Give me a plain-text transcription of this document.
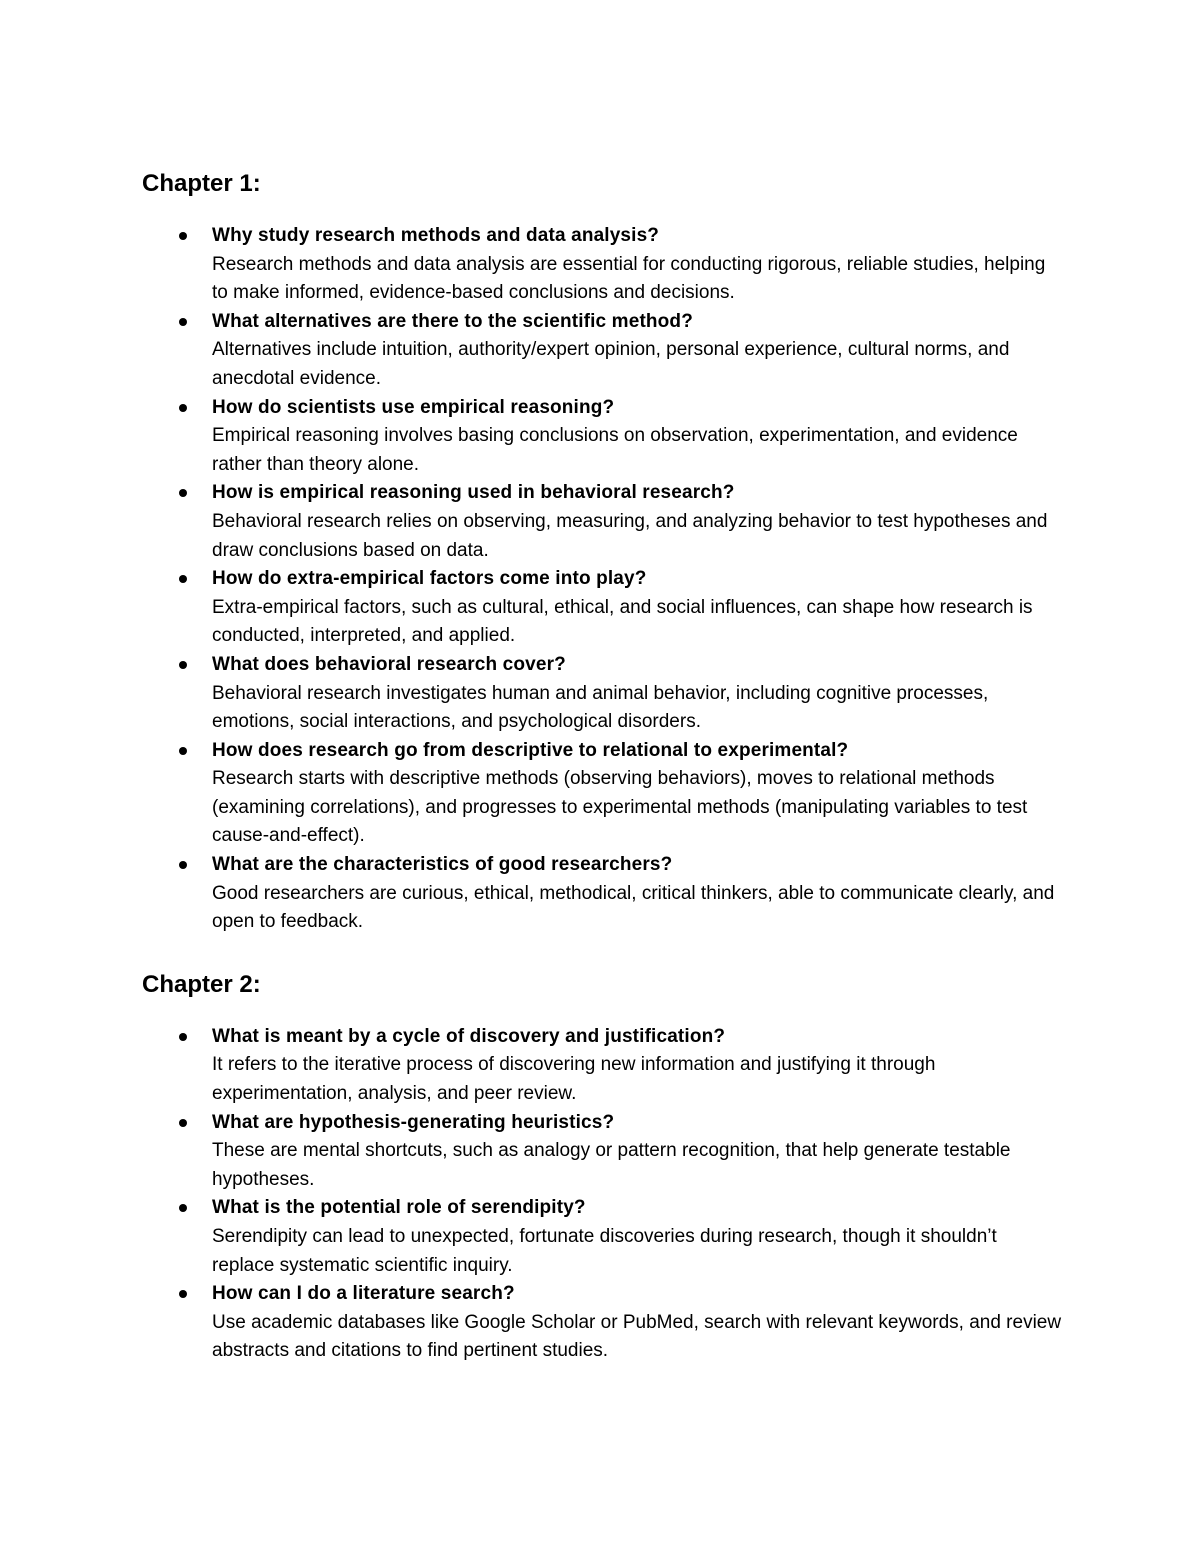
Chapter 1:
Why study research methods and data analysis?
Research methods and data analysis are essential for conducting rigorous, reliable studies, helping to make informed, evidence-based conclusions and decisions.
What alternatives are there to the scientific method?
Alternatives include intuition, authority/expert opinion, personal experience, cultural norms, and anecdotal evidence.
How do scientists use empirical reasoning?
Empirical reasoning involves basing conclusions on observation, experimentation, and evidence rather than theory alone.
How is empirical reasoning used in behavioral research?
Behavioral research relies on observing, measuring, and analyzing behavior to test hypotheses and draw conclusions based on data.
How do extra-empirical factors come into play?
Extra-empirical factors, such as cultural, ethical, and social influences, can shape how research is conducted, interpreted, and applied.
What does behavioral research cover?
Behavioral research investigates human and animal behavior, including cognitive processes, emotions, social interactions, and psychological disorders.
How does research go from descriptive to relational to experimental?
Research starts with descriptive methods (observing behaviors), moves to relational methods (examining correlations), and progresses to experimental methods (manipulating variables to test cause-and-effect).
What are the characteristics of good researchers?
Good researchers are curious, ethical, methodical, critical thinkers, able to communicate clearly, and open to feedback.
Chapter 2:
What is meant by a cycle of discovery and justification?
It refers to the iterative process of discovering new information and justifying it through experimentation, analysis, and peer review.
What are hypothesis-generating heuristics?
These are mental shortcuts, such as analogy or pattern recognition, that help generate testable hypotheses.
What is the potential role of serendipity?
Serendipity can lead to unexpected, fortunate discoveries during research, though it shouldn’t replace systematic scientific inquiry.
How can I do a literature search?
Use academic databases like Google Scholar or PubMed, search with relevant keywords, and review abstracts and citations to find pertinent studies.
